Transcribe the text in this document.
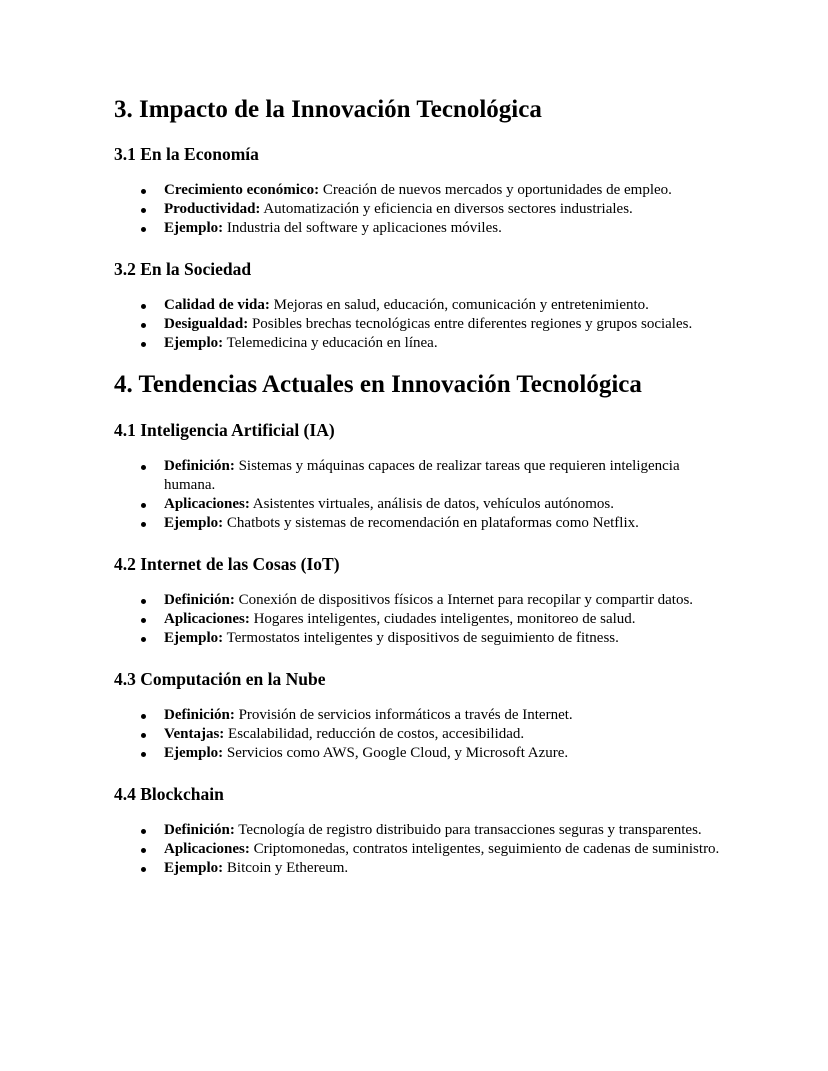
3. Impacto de la Innovación Tecnológica
3.1 En la Economía
Crecimiento económico: Creación de nuevos mercados y oportunidades de empleo.
Productividad: Automatización y eficiencia en diversos sectores industriales.
Ejemplo: Industria del software y aplicaciones móviles.
3.2 En la Sociedad
Calidad de vida: Mejoras en salud, educación, comunicación y entretenimiento.
Desigualdad: Posibles brechas tecnológicas entre diferentes regiones y grupos sociales.
Ejemplo: Telemedicina y educación en línea.
4. Tendencias Actuales en Innovación Tecnológica
4.1 Inteligencia Artificial (IA)
Definición: Sistemas y máquinas capaces de realizar tareas que requieren inteligencia humana.
Aplicaciones: Asistentes virtuales, análisis de datos, vehículos autónomos.
Ejemplo: Chatbots y sistemas de recomendación en plataformas como Netflix.
4.2 Internet de las Cosas (IoT)
Definición: Conexión de dispositivos físicos a Internet para recopilar y compartir datos.
Aplicaciones: Hogares inteligentes, ciudades inteligentes, monitoreo de salud.
Ejemplo: Termostatos inteligentes y dispositivos de seguimiento de fitness.
4.3 Computación en la Nube
Definición: Provisión de servicios informáticos a través de Internet.
Ventajas: Escalabilidad, reducción de costos, accesibilidad.
Ejemplo: Servicios como AWS, Google Cloud, y Microsoft Azure.
4.4 Blockchain
Definición: Tecnología de registro distribuido para transacciones seguras y transparentes.
Aplicaciones: Criptomonedas, contratos inteligentes, seguimiento de cadenas de suministro.
Ejemplo: Bitcoin y Ethereum.
